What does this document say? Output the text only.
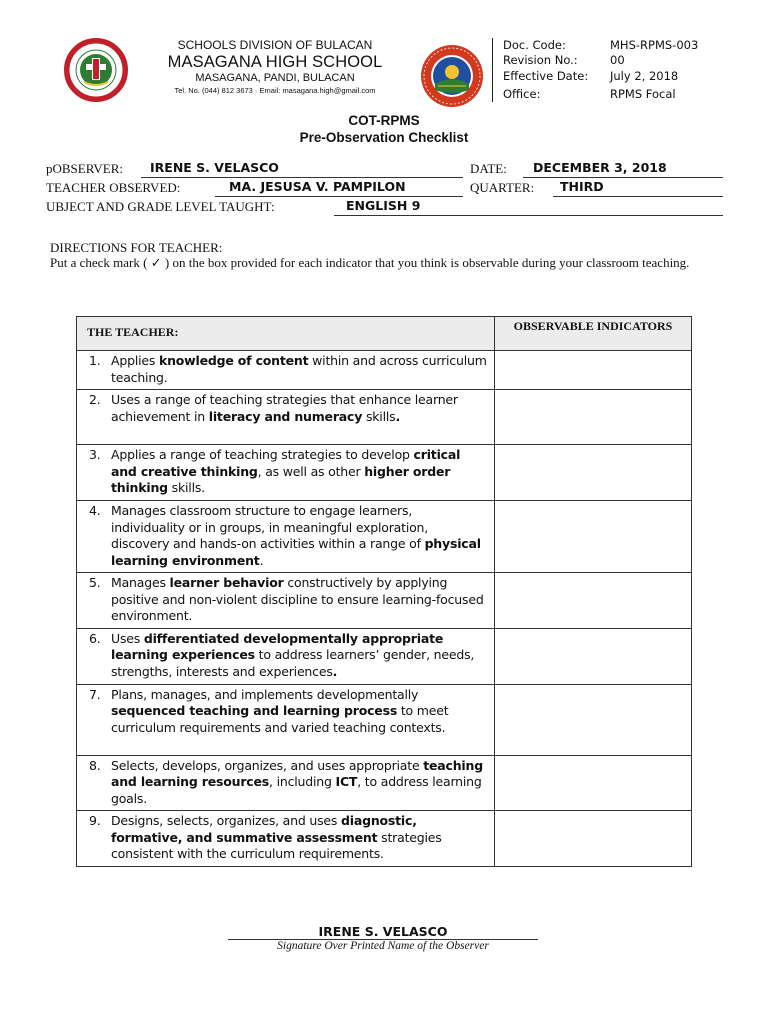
SCHOOLS DIVISION OF BULACAN
MASAGANA HIGH SCHOOL
MASAGANA, PANDI, BULACAN
Tel. No. (044) 812 3673 · Email: masagana.high@gmail.com
Doc. Code:	MHS-RPMS-003
Revision No.:	00
Effective Date: July 2, 2018
Office:	RPMS Focal
COT-RPMS
Pre-Observation Checklist
pOBSERVER: IRENE S. VELASCO	DATE: DECEMBER 3, 2018
TEACHER OBSERVED:	MA. JESUSA V. PAMPILON	QUARTER: THIRD
UBJECT AND GRADE LEVEL TAUGHT:	ENGLISH 9
DIRECTIONS FOR TEACHER:
Put a check mark ( ✓ ) on the box provided for each indicator that you think is observable during your classroom teaching.
THE TEACHER:	OBSERVABLE INDICATORS

1. Applies knowledge of content within and across curriculum teaching.	

2. Uses a range of teaching strategies that enhance learner achievement in literacy and numeracy skills.	

3. Applies a range of teaching strategies to develop critical and creative thinking, as well as other higher order thinking skills.	

4. Manages classroom structure to engage learners, individuality or in groups, in meaningful exploration, discovery and hands-on activities within a range of physical learning environment.	

5. Manages learner behavior constructively by applying positive and non-violent discipline to ensure learning-focused environment.	

6. Uses differentiated developmentally appropriate learning experiences to address learners’ gender, needs, strengths, interests and experiences.	

7. Plans, manages, and implements developmentally sequenced teaching and learning process to meet curriculum requirements and varied teaching contexts.	

8. Selects, develops, organizes, and uses appropriate teaching and learning resources, including ICT, to address learning goals.	

9. Designs, selects, organizes, and uses diagnostic, formative, and summative assessment strategies consistent with the curriculum requirements.	

IRENE S. VELASCO
Signature Over Printed Name of the Observer
